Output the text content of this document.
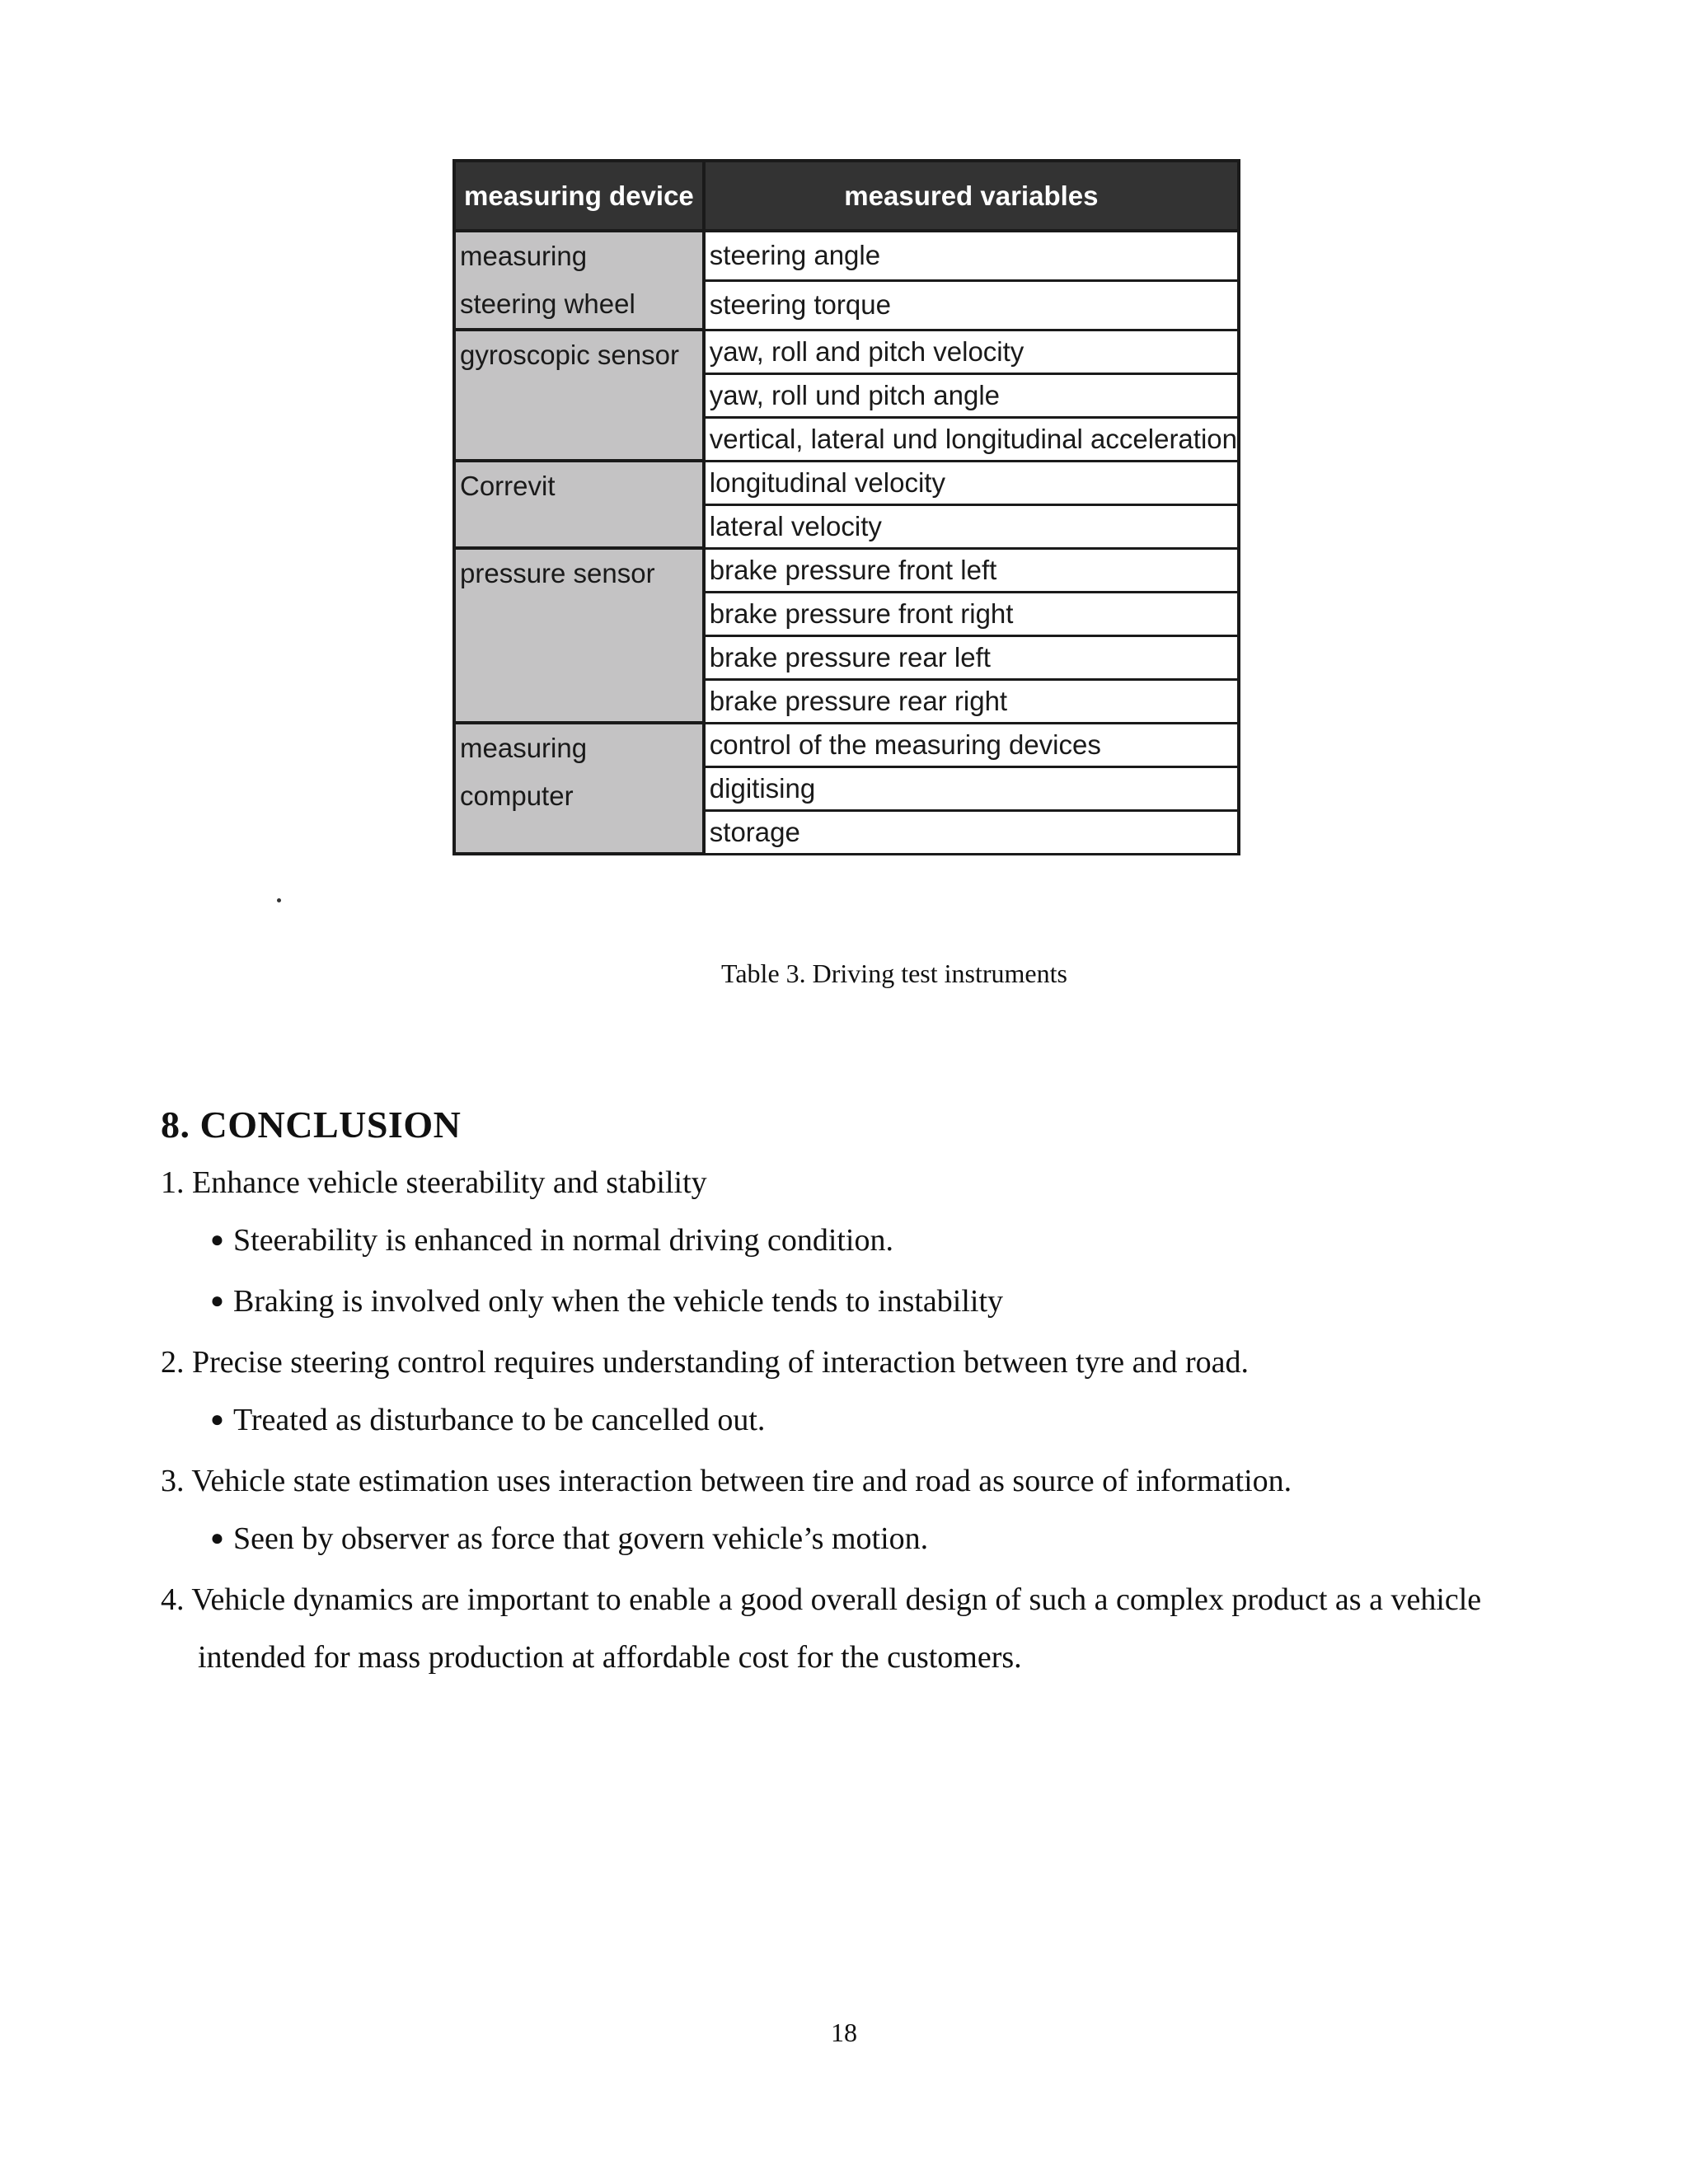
measuring device	measured variables

measuring
steering wheel	steering angle
	steering torque

gyroscopic sensor	yaw, roll and pitch velocity
	yaw, roll und pitch angle
	vertical, lateral und longitudinal acceleration

Correvit	longitudinal velocity
	lateral velocity

pressure sensor	brake pressure front left
	brake pressure front right
	brake pressure rear left
	brake pressure rear right

measuring
computer	control of the measuring devices
	digitising
	storage
Table 3. Driving test instruments
8. CONCLUSION
1. Enhance vehicle steerability and stability
● Steerability is enhanced in normal driving condition.
● Braking is involved only when the vehicle tends to instability
2. Precise steering control requires understanding of interaction between tyre and road.
● Treated as disturbance to be cancelled out.
3. Vehicle state estimation uses interaction between tire and road as source of information.
● Seen by observer as force that govern vehicle’s motion.
4. Vehicle dynamics are important to enable a good overall design of such a complex product as a vehicle intended for mass production at affordable cost for the customers.
18
